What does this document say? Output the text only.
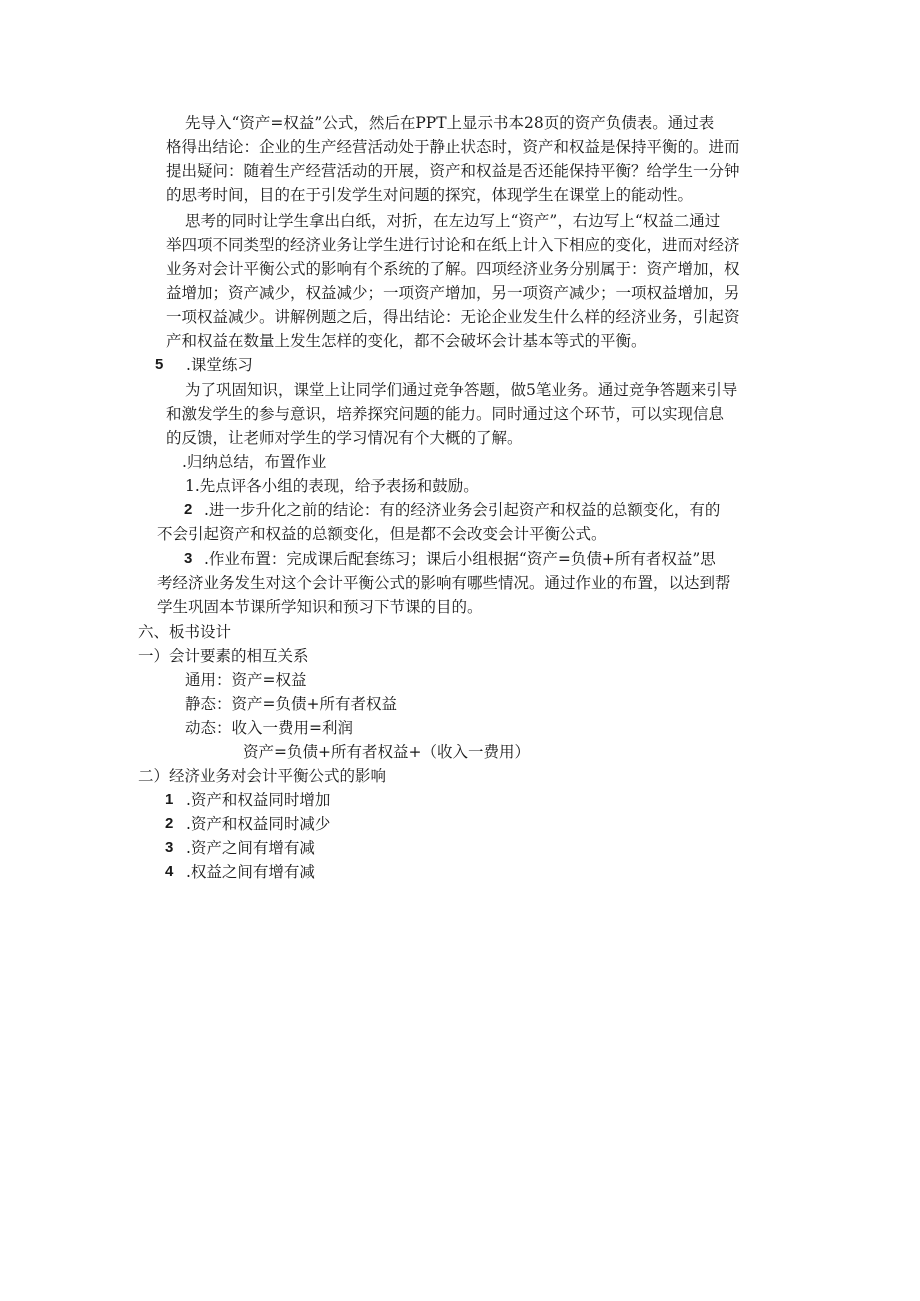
先导入“资产=权益”公式，然后在PPT上显示书本28页的资产负债表。通过表
格得出结论：企业的生产经营活动处于静止状态时，资产和权益是保持平衡的。进而
提出疑问：随着生产经营活动的开展，资产和权益是否还能保持平衡？给学生一分钟
的思考时间，目的在于引发学生对问题的探究，体现学生在课堂上的能动性。
思考的同时让学生拿出白纸，对折，在左边写上“资产”，右边写上“权益二通过
举四项不同类型的经济业务让学生进行讨论和在纸上计入下相应的变化，进而对经济
业务对会计平衡公式的影响有个系统的了解。四项经济业务分别属于：资产增加，权
益增加；资产减少，权益减少；一项资产增加，另一项资产减少；一项权益增加，另
一项权益减少。讲解例题之后，得出结论：无论企业发生什么样的经济业务，引起资
产和权益在数量上发生怎样的变化，都不会破坏会计基本等式的平衡。
5 .课堂练习
为了巩固知识，课堂上让同学们通过竞争答题，做5笔业务。通过竞争答题来引导
和激发学生的参与意识，培养探究问题的能力。同时通过这个环节，可以实现信息
的反馈，让老师对学生的学习情况有个大概的了解。
.归纳总结，布置作业
1.先点评各小组的表现，给予表扬和鼓励。
2 .进一步升化之前的结论：有的经济业务会引起资产和权益的总额变化，有的
不会引起资产和权益的总额变化，但是都不会改变会计平衡公式。
3 .作业布置：完成课后配套练习；课后小组根据“资产=负债+所有者权益”思
考经济业务发生对这个会计平衡公式的影响有哪些情况。通过作业的布置，以达到帮
学生巩固本节课所学知识和预习下节课的目的。
六、板书设计
一）会计要素的相互关系
通用：资产=权益
静态：资产=负债+所有者权益
动态：收入一费用=利润
资产=负债+所有者权益+（收入一费用）
二）经济业务对会计平衡公式的影响
1 .资产和权益同时增加
2 .资产和权益同时减少
3 .资产之间有增有减
4 .权益之间有增有减
